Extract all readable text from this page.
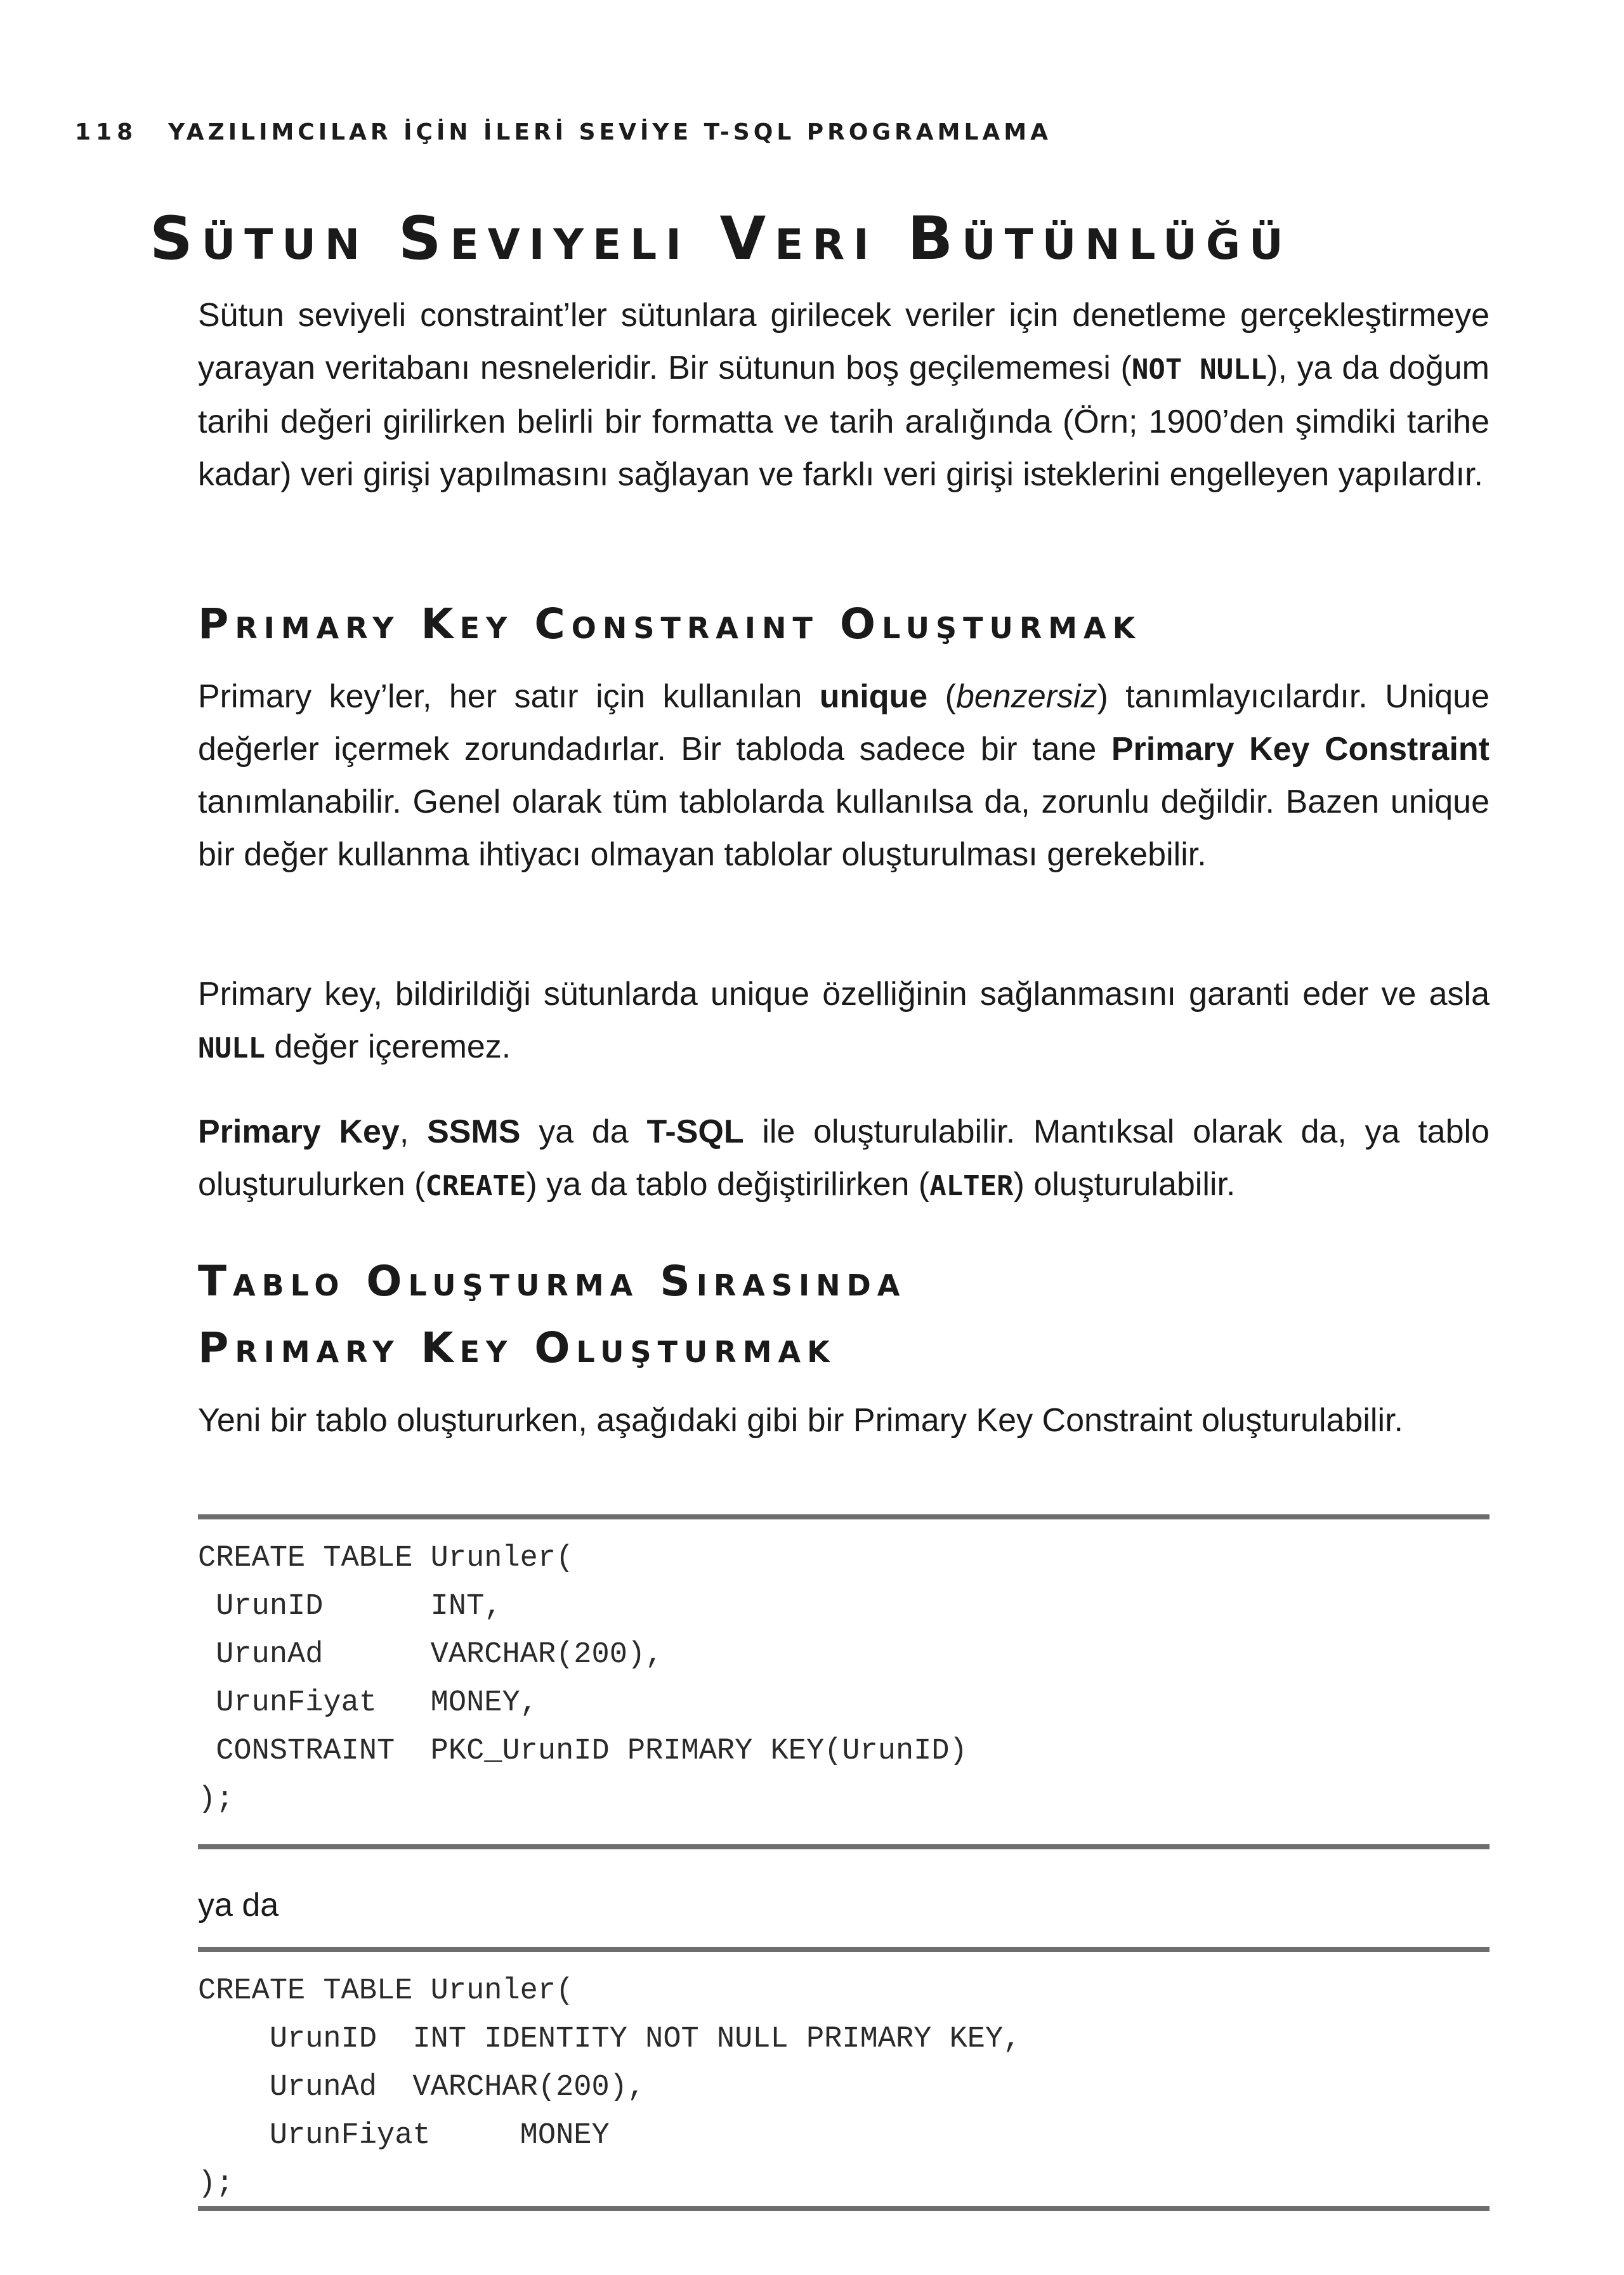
118 YAZILIMCILAR İÇİN İLERİ SEVİYE T-SQL PROGRAMLAMA
Sütun Seviyeli Veri Bütünlüğü

Sütun seviyeli constraint’ler sütunlara girilecek veriler için denetleme gerçekleştirmeye yarayan veritabanı nesneleridir. Bir sütunun boş geçilememesi (NOT NULL), ya da doğum tarihi değeri girilirken belirli bir formatta ve tarih aralığında (Örn; 1900’den şimdiki tarihe kadar) veri girişi yapılmasını sağlayan ve farklı veri girişi isteklerini engelleyen yapılardır.

Primary Key Constraint Oluşturmak

Primary key’ler, her satır için kullanılan unique (benzersiz) tanımlayıcılardır. Unique değerler içermek zorundadırlar. Bir tabloda sadece bir tane Primary Key Constraint tanımlanabilir. Genel olarak tüm tablolarda kullanılsa da, zorunlu değildir. Bazen unique bir değer kullanma ihtiyacı olmayan tablolar oluşturulması gerekebilir.

Primary key, bildirildiği sütunlarda unique özelliğinin sağlanmasını garanti eder ve asla NULL değer içeremez.

Primary Key, SSMS ya da T-SQL ile oluşturulabilir. Mantıksal olarak da, ya tablo oluşturulurken (CREATE) ya da tablo değiştirilirken (ALTER) oluşturulabilir.

Tablo Oluşturma Sırasında
Primary Key Oluşturmak

Yeni bir tablo oluştururken, aşağıdaki gibi bir Primary Key Constraint oluşturulabilir.

CREATE TABLE Urunler(
UrunID      INT,
UrunAd      VARCHAR(200),
UrunFiyat   MONEY,
CONSTRAINT  PKC_UrunID PRIMARY KEY(UrunID)
);

ya da

CREATE TABLE Urunler(
UrunID  INT IDENTITY NOT NULL PRIMARY KEY,
UrunAd  VARCHAR(200),
UrunFiyat     MONEY
);
